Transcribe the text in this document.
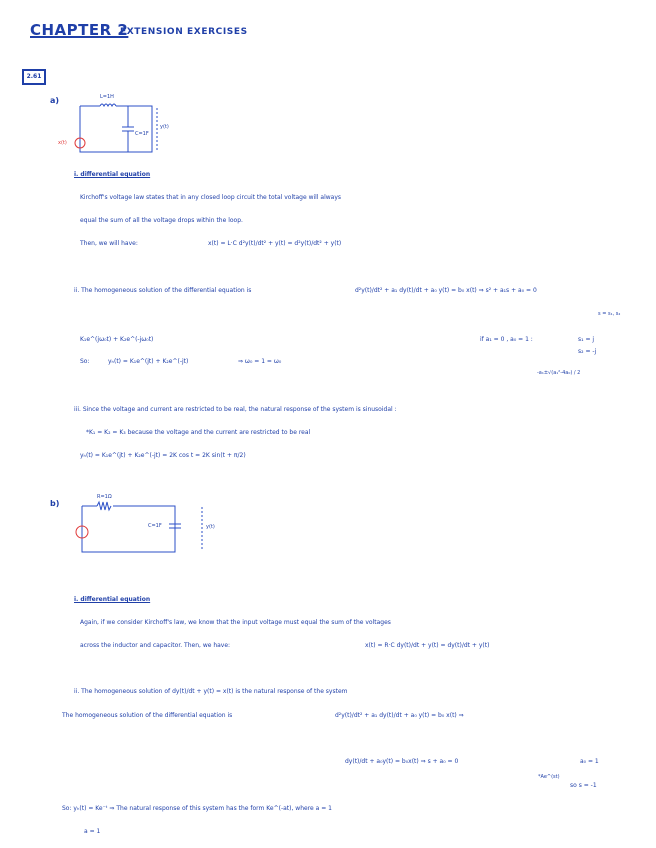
CHAPTER 2
EXTENSION EXERCISES
2.61
a)	L=1H
C=1F
y(t)
x(t)
i. differential equation
Kirchoff's voltage law states that in any closed loop circuit the total voltage will always
equal the sum of all the voltage drops within the loop.
Then, we will have:	x(t) = L·C d²y(t)/dt² + y(t) = d²y(t)/dt² + y(t)
ii. The homogeneous solution of the differential equation is	d²y(t)/dt² + a₁ dy(t)/dt + a₀ y(t) = b₀ x(t) ⇒ s² + a₁s + a₀ = 0
s = s₁, s₂
K₁e^(jω₀t) + K₂e^(-jω₀t)
So:	yₕ(t) = K₁e^(jt) + K₂e^(-jt)	⇒ ω₀ = 1 = ω₀
if a₁ = 0 , a₀ = 1 :	s₁ = j
s₂ = -j
-a₁±√(a₁²-4a₀) / 2
iii. Since the voltage and current are restricted to be real, the natural response of the system is sinusoidal :
*K₁ = K₂ = K₃ because the voltage and the current are restricted to be real
yₕ(t) = K₁e^(jt) + K₂e^(-jt) = 2K cos t = 2K sin(t + π/2)
b)
R=1Ω
C=1F	y(t)
i. differential equation
Again, if we consider Kirchoff's law, we know that the input voltage must equal the sum of the voltages
across the inductor and capacitor. Then, we have:	x(t) = R·C dy(t)/dt + y(t) = dy(t)/dt + y(t)
ii. The homogeneous solution of dy(t)/dt + y(t) = x(t) is the natural response of the system
The homogeneous solution of the differential equation is	d²y(t)/dt² + a₁ dy(t)/dt + a₀ y(t) = b₀ x(t) ⇒
dy(t)/dt + a₀y(t) = b₀x(t) ⇒ s + a₀ = 0	a₀ = 1
*Ae^(st)
so s = -1
So: yₕ(t) = Ke⁻ᵗ ⇒ The natural response of this system has the form Ke^(-at), where a = 1
a = 1
